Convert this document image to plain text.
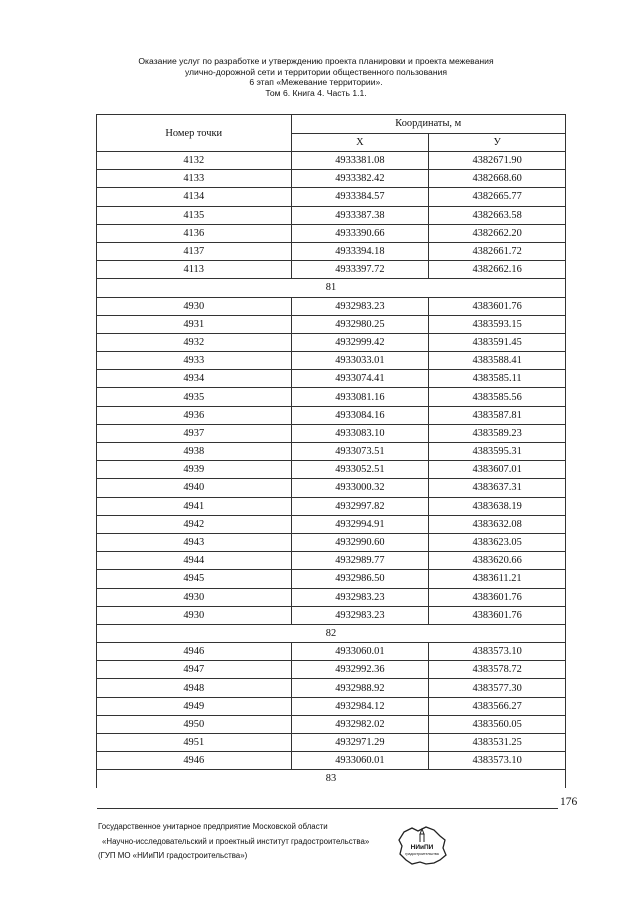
Оказание услуг по разработке и утверждению проекта планировки и проекта межевания
улично-дорожной сети и территории общественного пользования
6 этап «Межевание территории».
Том 6. Книга 4. Часть 1.1.
Номер точки	Координаты, м	
	X	У
4132	4933381.08	4382671.90
4133	4933382.42	4382668.60
4134	4933384.57	4382665.77
4135	4933387.38	4382663.58
4136	4933390.66	4382662.20
4137	4933394.18	4382661.72
4113	4933397.72	4382662.16
81		
4930	4932983.23	4383601.76
4931	4932980.25	4383593.15
4932	4932999.42	4383591.45
4933	4933033.01	4383588.41
4934	4933074.41	4383585.11
4935	4933081.16	4383585.56
4936	4933084.16	4383587.81
4937	4933083.10	4383589.23
4938	4933073.51	4383595.31
4939	4933052.51	4383607.01
4940	4933000.32	4383637.31
4941	4932997.82	4383638.19
4942	4932994.91	4383632.08
4943	4932990.60	4383623.05
4944	4932989.77	4383620.66
4945	4932986.50	4383611.21
4930	4932983.23	4383601.76
4930	4932983.23	4383601.76
82		
4946	4933060.01	4383573.10
4947	4932992.36	4383578.72
4948	4932988.92	4383577.30
4949	4932984.12	4383566.27
4950	4932982.02	4383560.05
4951	4932971.29	4383531.25
4946	4933060.01	4383573.10
83		
176
Государственное унитарное предприятие Московской области
«Научно-исследовательский и проектный институт градостроительства»
(ГУП МО «НИиПИ градостроительства»)
НИиПИ
градостроительства
